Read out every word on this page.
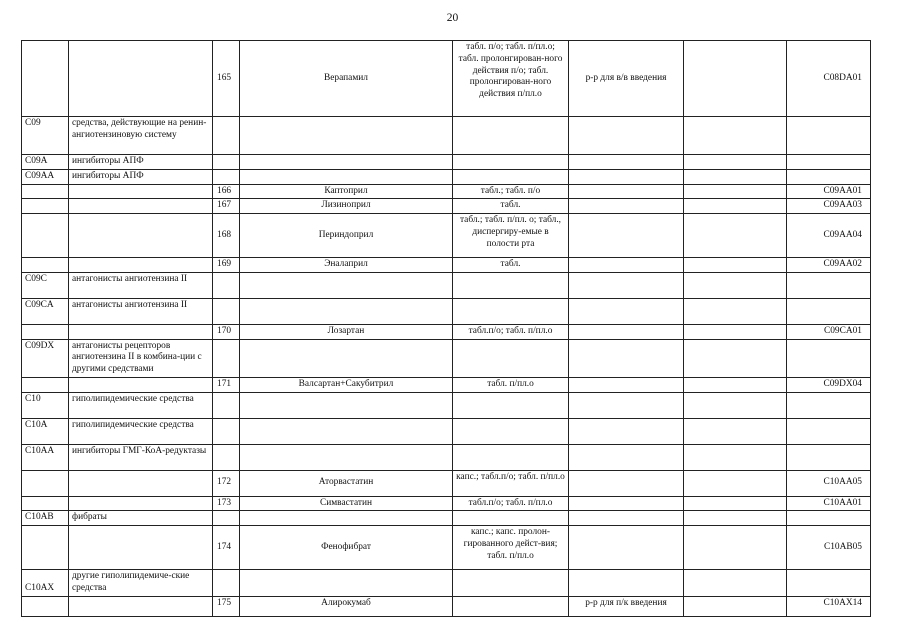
20
		165	Верапамил	табл. п/о; табл. п/пл.о; табл. пролонгирован-ного действия п/о; табл. пролонгирован-ного действия п/пл.о	р-р для в/в введения		C08DA01
C09	средства, действующие на ренин-ангиотензиновую систему						
C09A	ингибиторы АПФ						
C09AA	ингибиторы АПФ						
		166	Каптоприл	табл.; табл. п/о			C09AA01
		167	Лизиноприл	табл.			C09AA03
		168	Периндоприл	табл.; табл. п/пл. о; табл., диспергиру-емые в полости рта			C09AA04
		169	Эналаприл	табл.			C09AA02
C09C	антагонисты ангиотензина II						
C09CA	антагонисты ангиотензина II						
		170	Лозартан	табл.п/о; табл. п/пл.о			C09CA01
C09DX	антагонисты рецепторов ангиотензина II в комбина-ции с другими средствами						
		171	Валсартан+Сакубитрил	табл. п/пл.о			C09DX04
C10	гиполипидемические средства						
C10A	гиполипидемические средства						
C10AA	ингибиторы ГМГ-КоА-редуктазы						
		172	Аторвастатин	капс.; табл.п/о; табл. п/пл.о			C10AA05
		173	Симвастатин	табл.п/о; табл. п/пл.о			C10AA01
C10AB	фибраты						
		174	Фенофибрат	капс.; капс. пролон-гированного дейст-вия; табл. п/пл.о			C10AB05
C10AX	другие гиполипидемиче-ские средства						
		175	Алирокумаб		р-р для п/к введения		C10AX14
